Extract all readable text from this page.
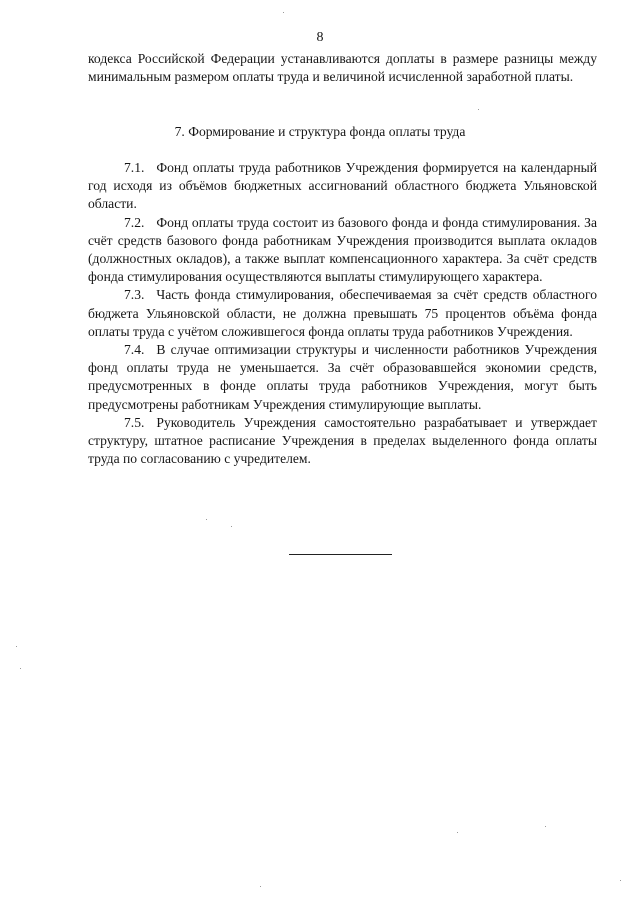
8

кодекса Российской Федерации устанавливаются доплаты в размере разницы между минимальным размером оплаты труда и величиной исчисленной заработной платы.

7. Формирование и структура фонда оплаты труда

7.1. Фонд оплаты труда работников Учреждения формируется на календарный год исходя из объёмов бюджетных ассигнований областного бюджета Ульяновской области.

7.2. Фонд оплаты труда состоит из базового фонда и фонда стимулирования. За счёт средств базового фонда работникам Учреждения производится выплата окладов (должностных окладов), а также выплат компенсационного характера. За счёт средств фонда стимулирования осуществляются выплаты стимулирующего характера.

7.3. Часть фонда стимулирования, обеспечиваемая за счёт средств областного бюджета Ульяновской области, не должна превышать 75 процентов объёма фонда оплаты труда с учётом сложившегося фонда оплаты труда работников Учреждения.

7.4. В случае оптимизации структуры и численности работников Учреждения фонд оплаты труда не уменьшается. За счёт образовавшейся экономии средств, предусмотренных в фонде оплаты труда работников Учреждения, могут быть предусмотрены работникам Учреждения стимулирующие выплаты.

7.5. Руководитель Учреждения самостоятельно разрабатывает и утверждает структуру, штатное расписание Учреждения в пределах выделенного фонда оплаты труда по согласованию с учредителем.
